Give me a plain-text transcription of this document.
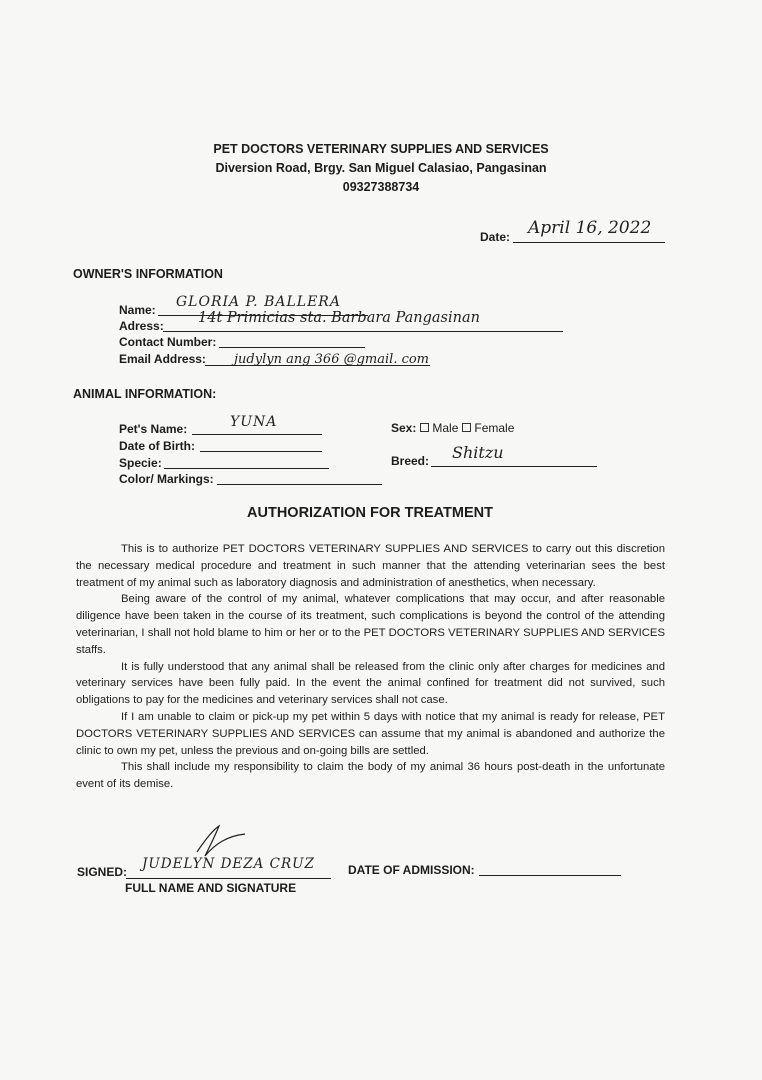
PET DOCTORS VETERINARY SUPPLIES AND SERVICES
Diversion Road, Brgy. San Miguel Calasiao, Pangasinan
09327388734
Date: April 16, 2022
OWNER'S INFORMATION
Name: GLORIA P. BALLERA
Adress: 14t Primicias sta. Barbara Pangasinan
Contact Number:
Email Address: judylyn ang 366 @gmail. com
ANIMAL INFORMATION:
Pet's Name:	YUNA
Date of Birth:
Specie:
Color/ Markings:
Sex: Male Female
Breed: Shitzu
AUTHORIZATION FOR TREATMENT

This is to authorize PET DOCTORS VETERINARY SUPPLIES AND SERVICES to carry out this discretion the necessary medical procedure and treatment in such manner that the attending veterinarian sees the best treatment of my animal such as laboratory diagnosis and administration of anesthetics, when necessary.

Being aware of the control of my animal, whatever complications that may occur, and after reasonable diligence have been taken in the course of its treatment, such complications is beyond the control of the attending veterinarian, I shall not hold blame to him or her or to the PET DOCTORS VETERINARY SUPPLIES AND SERVICES staffs.

It is fully understood that any animal shall be released from the clinic only after charges for medicines and veterinary services have been fully paid. In the event the animal confined for treatment did not survived, such obligations to pay for the medicines and veterinary services shall not case.

If I am unable to claim or pick-up my pet within 5 days with notice that my animal is ready for release, PET DOCTORS VETERINARY SUPPLIES AND SERVICES can assume that my animal is abandoned and authorize the clinic to own my pet, unless the previous and on-going bills are settled.

This shall include my responsibility to claim the body of my animal 36 hours post-death in the unfortunate event of its demise.

SIGNED: JUDELYN DEZA CRUZ
FULL NAME AND SIGNATURE
DATE OF ADMISSION:
